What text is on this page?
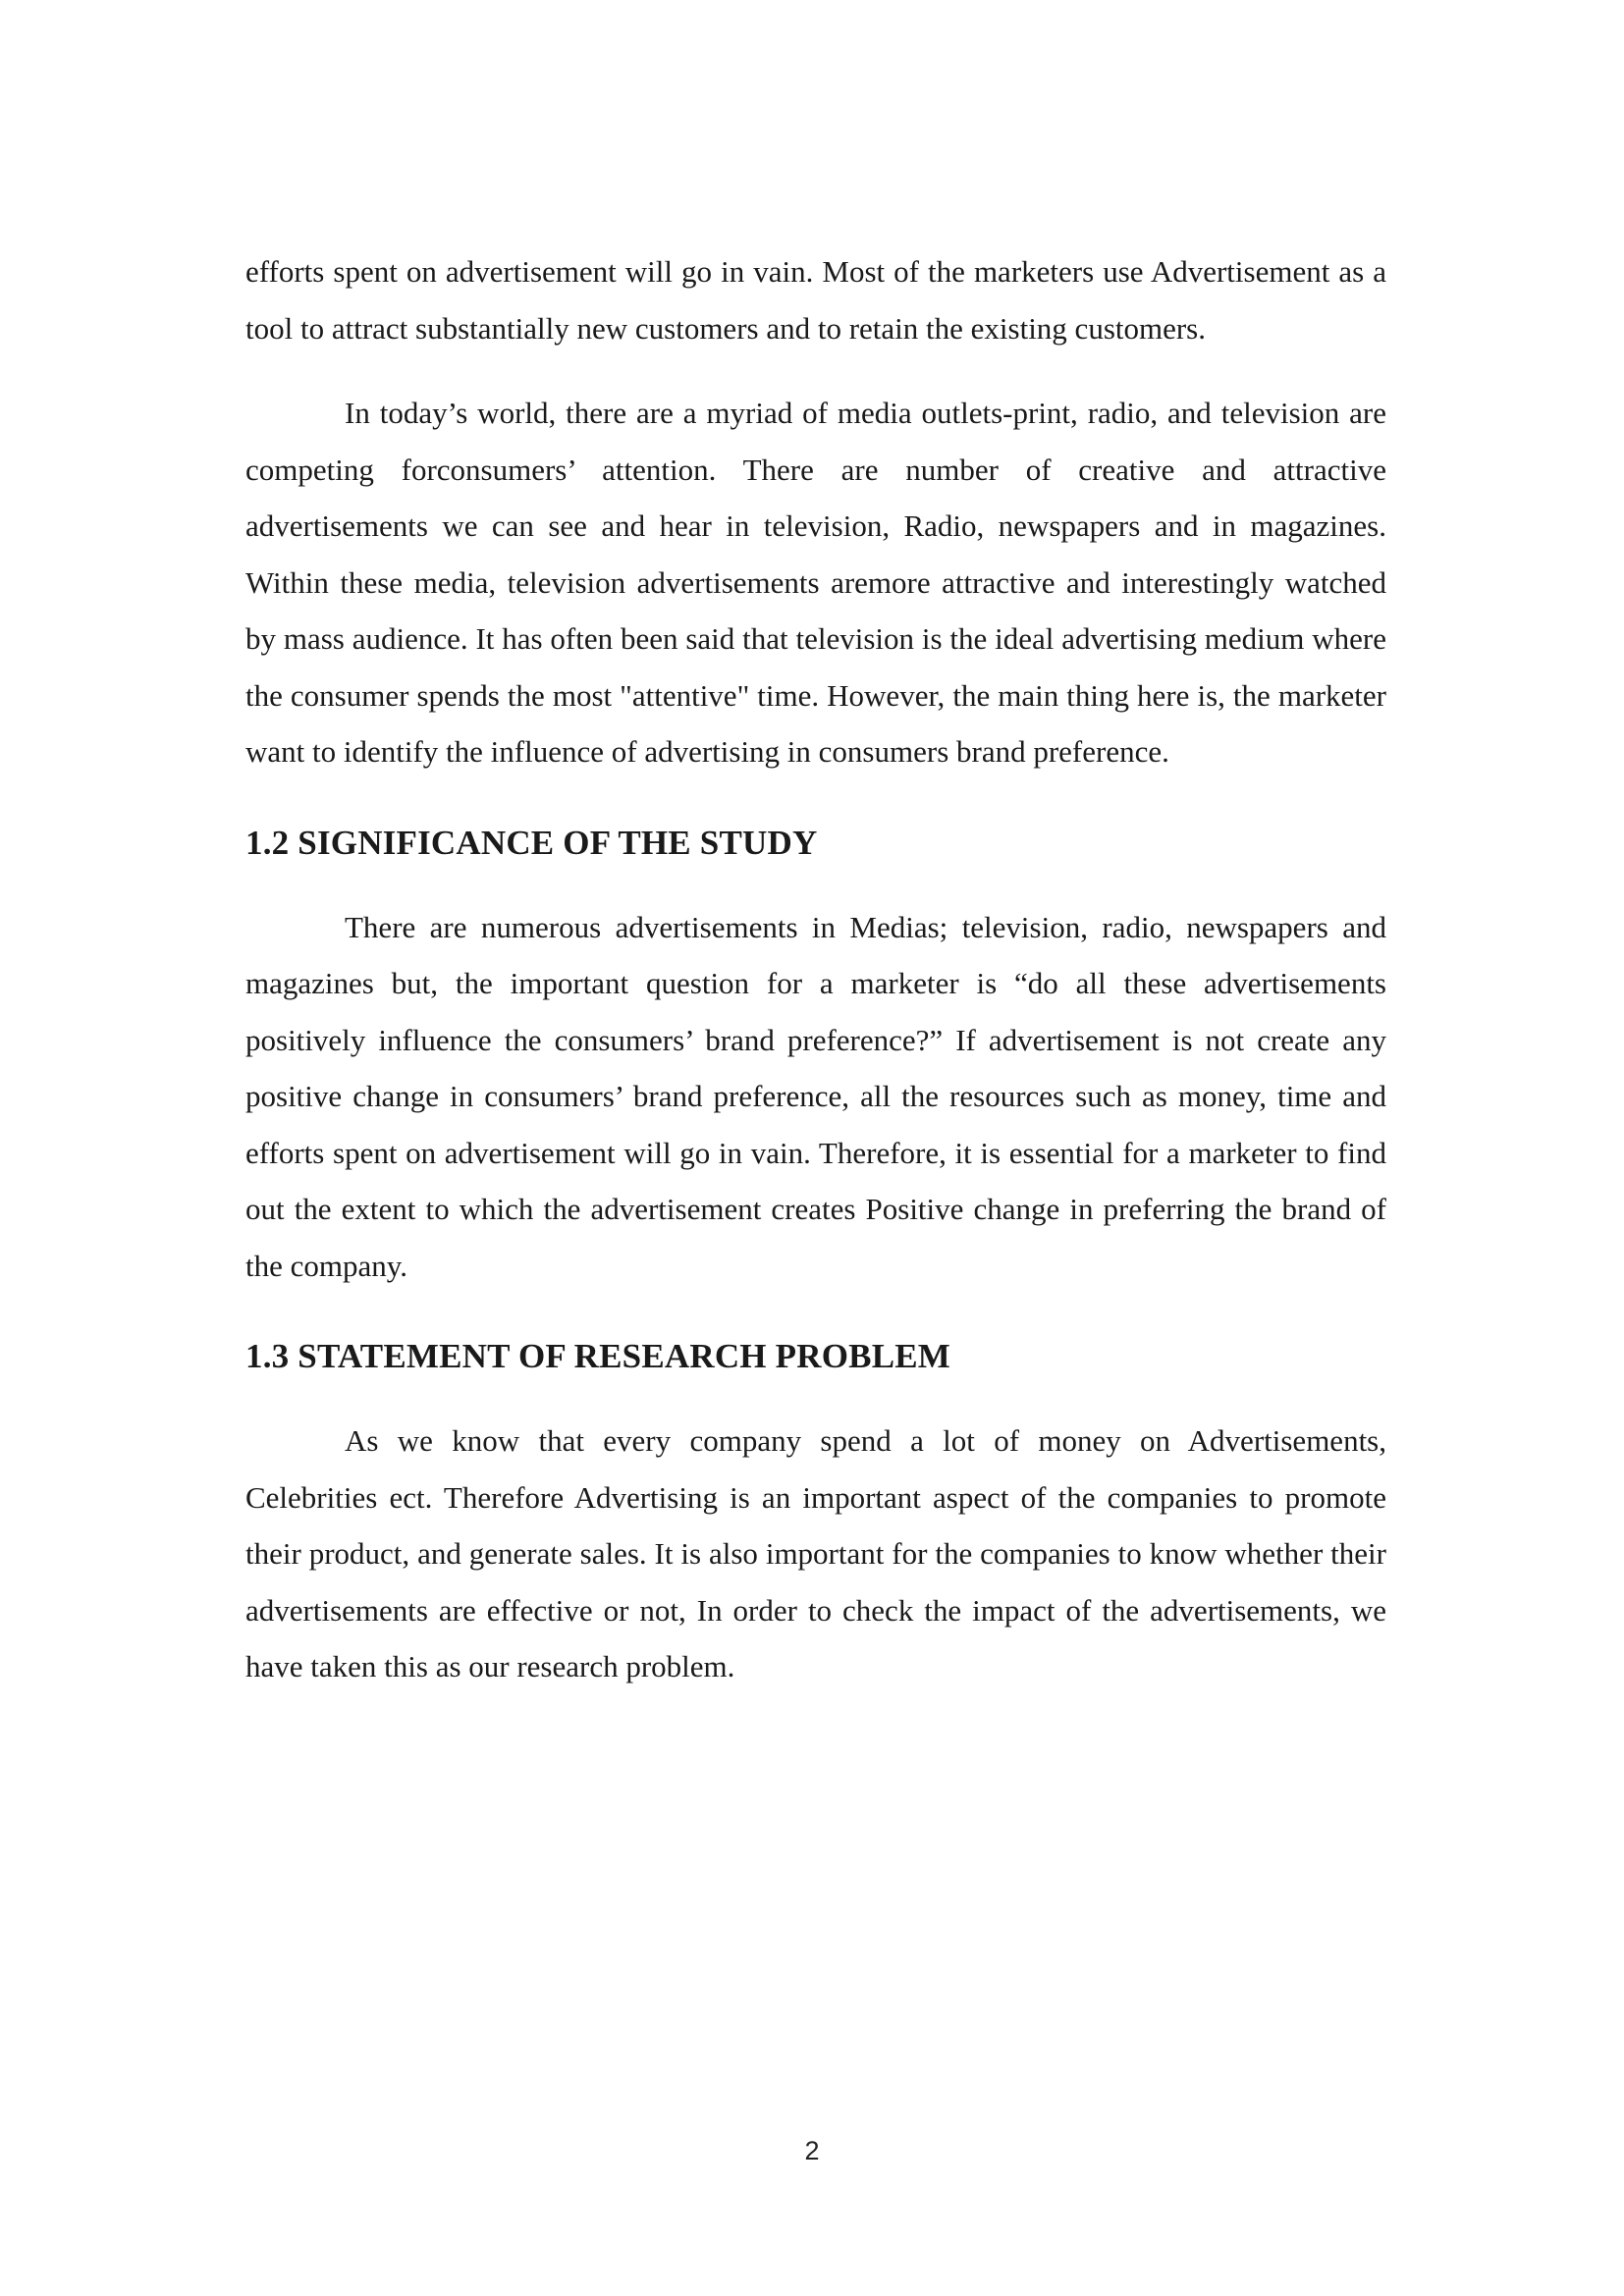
efforts spent on advertisement will go in vain. Most of the marketers use Advertisement as a tool to attract substantially new customers and to retain the existing customers.

In today’s world, there are a myriad of media outlets-print, radio, and television are competing forconsumers’ attention. There are number of creative and attractive advertisements we can see and hear in television, Radio, newspapers and in magazines. Within these media, television advertisements aremore attractive and interestingly watched by mass audience. It has often been said that television is the ideal advertising medium where the consumer spends the most "attentive" time. However, the main thing here is, the marketer want to identify the influence of advertising in consumers brand preference.

1.2 SIGNIFICANCE OF THE STUDY

There are numerous advertisements in Medias; television, radio, newspapers and magazines but, the important question for a marketer is “do all these advertisements positively influence the consumers’ brand preference?” If advertisement is not create any positive change in consumers’ brand preference, all the resources such as money, time and efforts spent on advertisement will go in vain. Therefore, it is essential for a marketer to find out the extent to which the advertisement creates Positive change in preferring the brand of the company.

1.3 STATEMENT OF RESEARCH PROBLEM

As we know that every company spend a lot of money on Advertisements, Celebrities ect. Therefore Advertising is an important aspect of the companies to promote their product, and generate sales. It is also important for the companies to know whether their advertisements are effective or not, In order to check the impact of the advertisements, we have taken this as our research problem.

2
